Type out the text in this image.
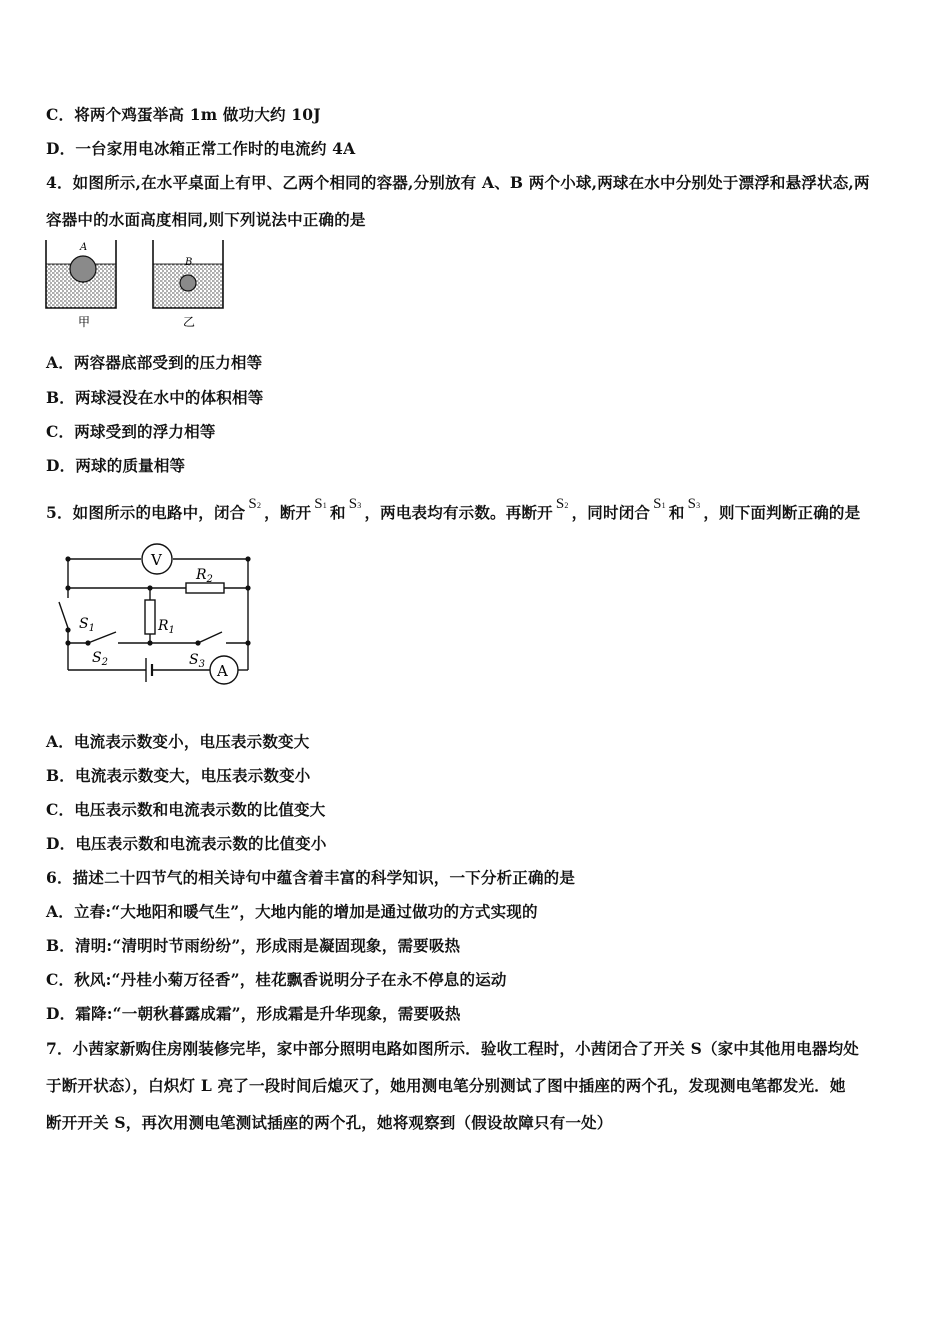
C．将两个鸡蛋举高 1m 做功大约 10J
D．一台家用电冰箱正常工作时的电流约 4A
4．如图所示,在水平桌面上有甲、乙两个相同的容器,分别放有 A、B 两个小球,两球在水中分别处于漂浮和悬浮状态,两
容器中的水面高度相同,则下列说法中正确的是
A
甲
B
乙
A．两容器底部受到的压力相等
B．两球浸没在水中的体积相等
C．两球受到的浮力相等
D．两球的质量相等
5．如图所示的电路中，闭合 S2 ，断开 S1 和 S3 ，两电表均有示数。再断开 S2 ，同时闭合 S1 和 S3 ，则下面判断正确的是
V
A
$R_2$
$R_1$
$S_1$
$S_2$	$S_3$
A．电流表示数变小，电压表示数变大
B．电流表示数变大，电压表示数变小
C．电压表示数和电流表示数的比值变大
D．电压表示数和电流表示数的比值变小
6．描述二十四节气的相关诗句中蕴含着丰富的科学知识，一下分析正确的是
A．立春:“大地阳和暖气生”，大地内能的增加是通过做功的方式实现的
B．清明:“清明时节雨纷纷”，形成雨是凝固现象，需要吸热
C．秋风:“丹桂小菊万径香”，桂花飘香说明分子在永不停息的运动
D．霜降:“一朝秋暮露成霜”，形成霜是升华现象，需要吸热
7．小茜家新购住房刚装修完毕，家中部分照明电路如图所示．验收工程时，小茜闭合了开关 S（家中其他用电器均处
于断开状态），白炽灯 L 亮了一段时间后熄灭了，她用测电笔分别测试了图中插座的两个孔，发现测电笔都发光．她
断开开关 S，再次用测电笔测试插座的两个孔，她将观察到（假设故障只有一处）
